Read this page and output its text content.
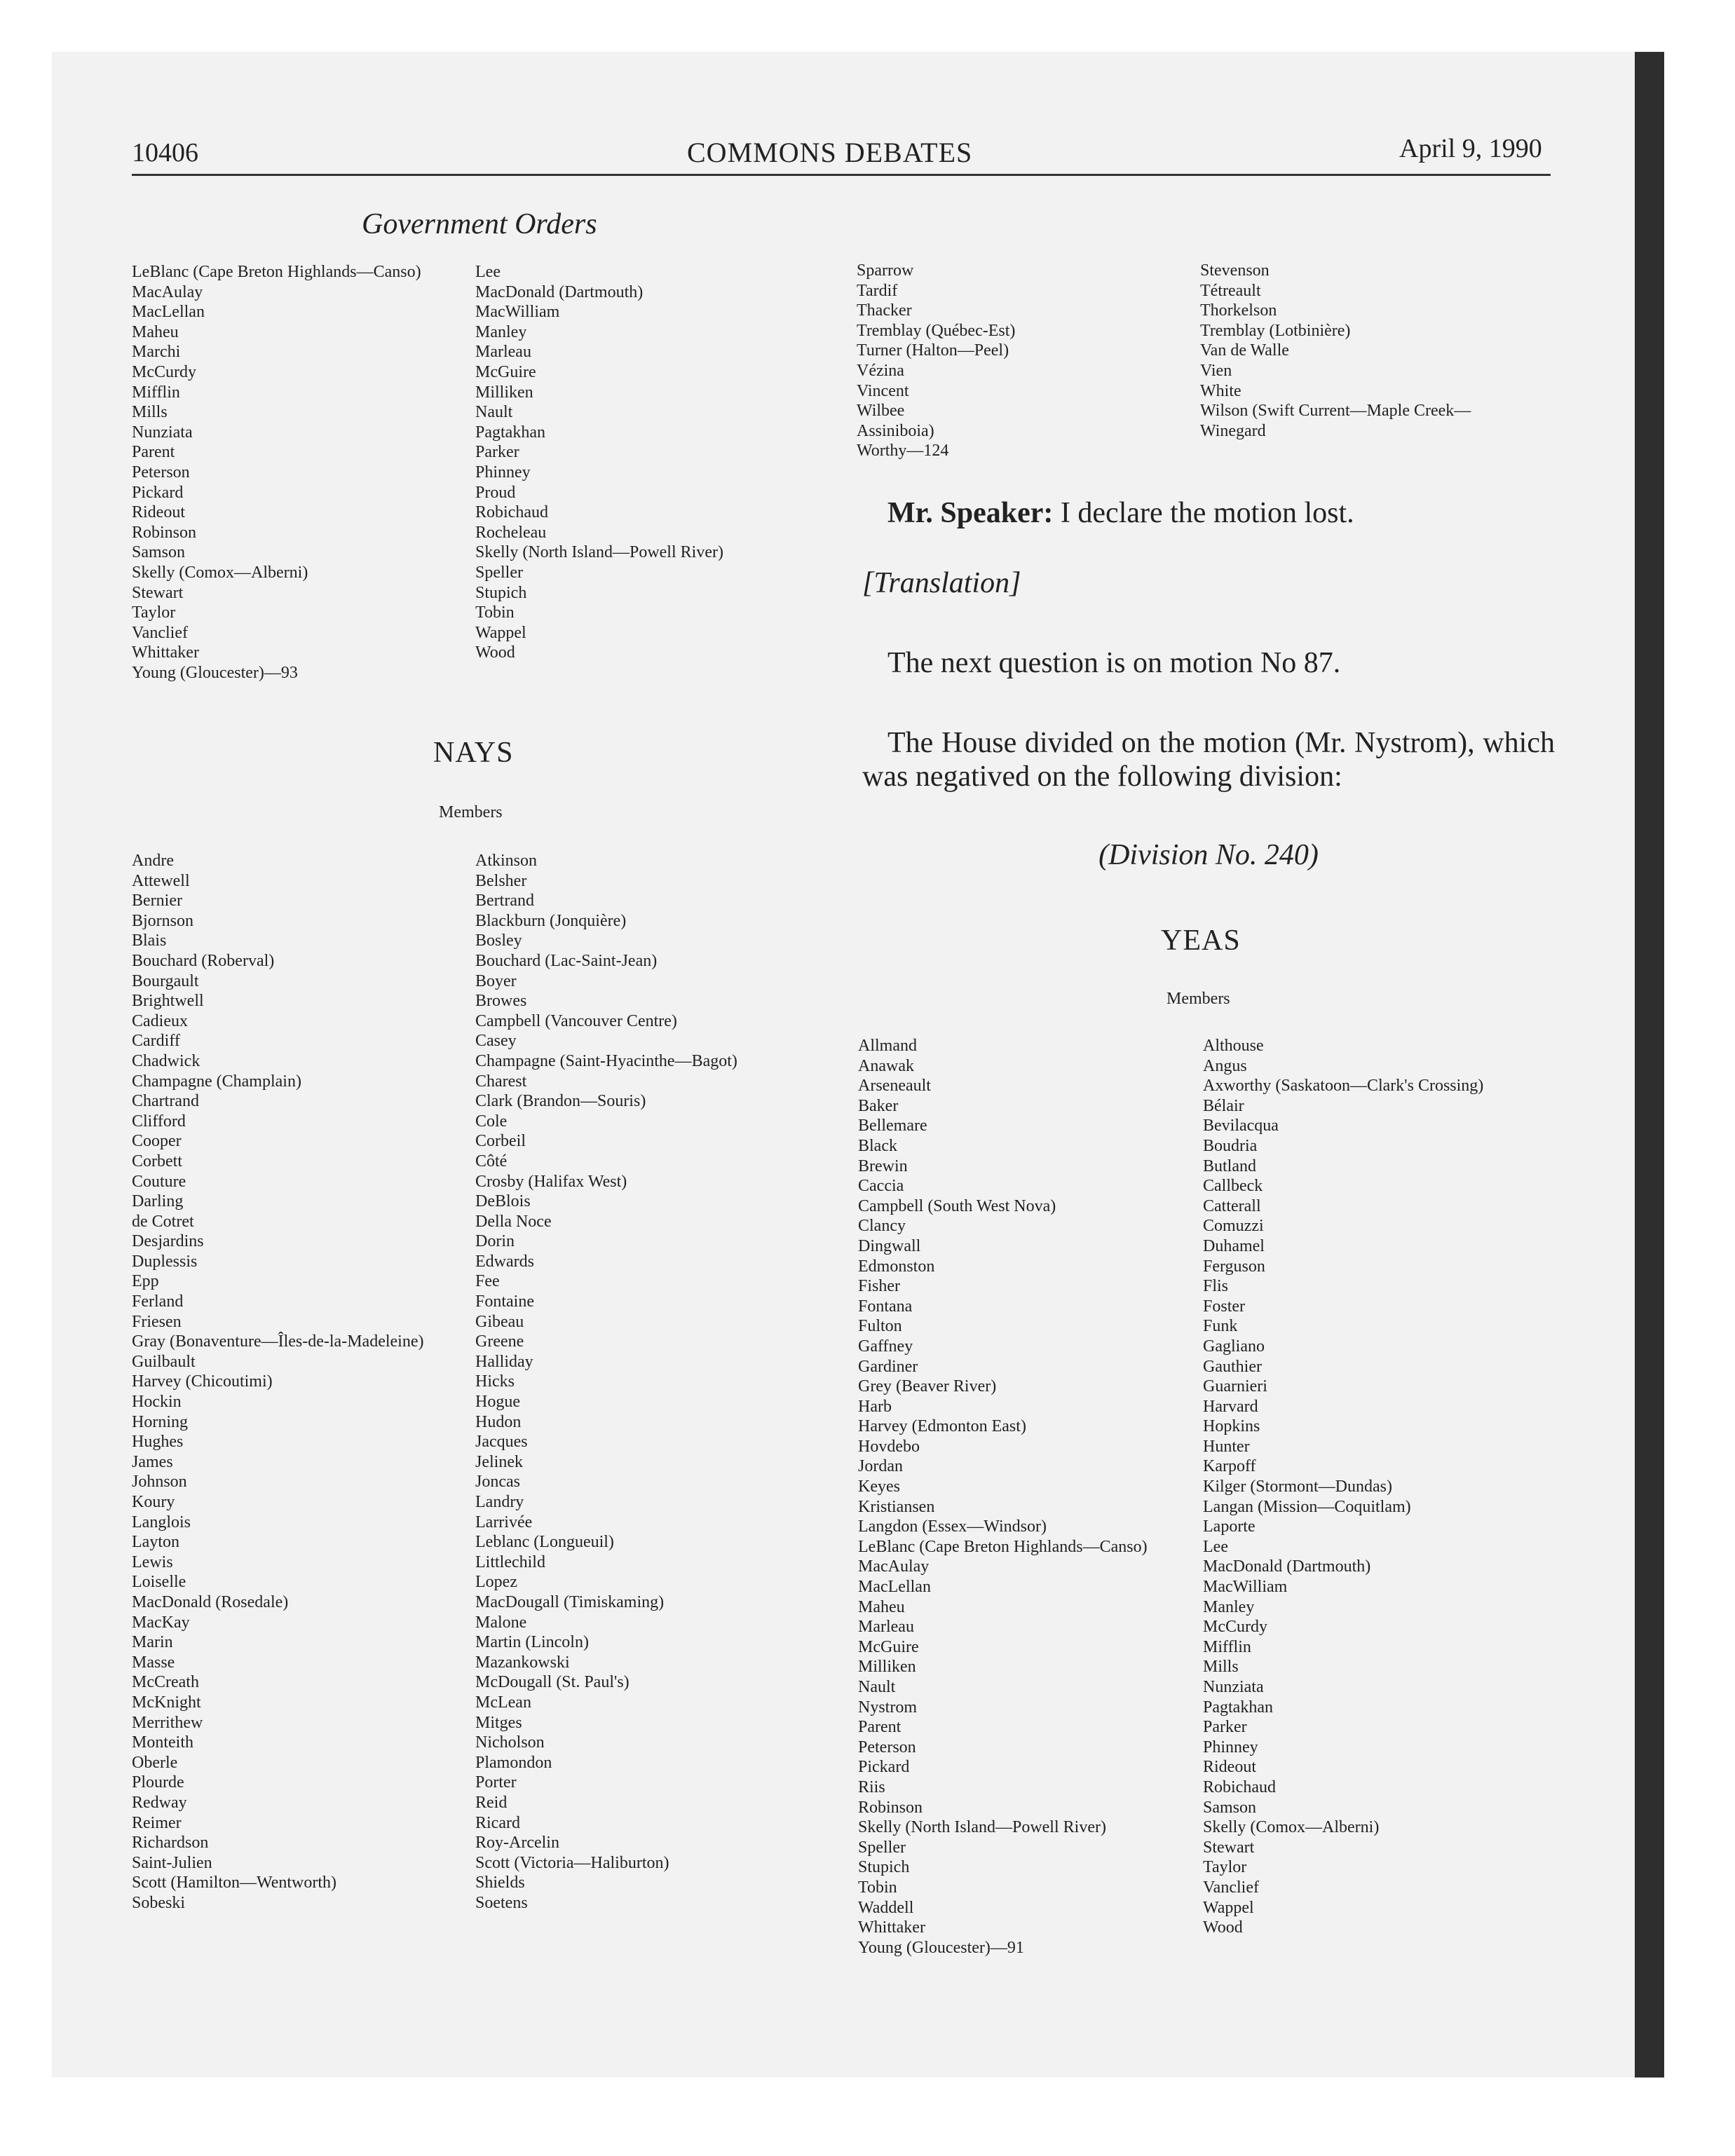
10406	COMMONS DEBATES	April 9, 1990
Government Orders
LeBlanc (Cape Breton Highlands—Canso)
MacAulay
MacLellan
Maheu
Marchi
McCurdy
Mifflin
Mills
Nunziata
Parent
Peterson
Pickard
Rideout
Robinson
Samson
Skelly (Comox—Alberni)
Stewart
Taylor
Vanclief
Whittaker
Young (Gloucester)—93
Lee
MacDonald (Dartmouth)
MacWilliam
Manley
Marleau
McGuire
Milliken
Nault
Pagtakhan
Parker
Phinney
Proud
Robichaud
Rocheleau
Skelly (North Island—Powell River)
Speller
Stupich
Tobin
Wappel
Wood
NAYS
Members
Andre
Attewell
Bernier
Bjornson
Blais
Bouchard (Roberval)
Bourgault
Brightwell
Cadieux
Cardiff
Chadwick
Champagne (Champlain)
Chartrand
Clifford
Cooper
Corbett
Couture
Darling
de Cotret
Desjardins
Duplessis
Epp
Ferland
Friesen
Gray (Bonaventure—Îles-de-la-Madeleine)
Guilbault
Harvey (Chicoutimi)
Hockin
Horning
Hughes
James
Johnson
Koury
Langlois
Layton
Lewis
Loiselle
MacDonald (Rosedale)
MacKay
Marin
Masse
McCreath
McKnight
Merrithew
Monteith
Oberle
Plourde
Redway
Reimer
Richardson
Saint-Julien
Scott (Hamilton—Wentworth)
Sobeski
Atkinson
Belsher
Bertrand
Blackburn (Jonquière)
Bosley
Bouchard (Lac-Saint-Jean)
Boyer
Browes
Campbell (Vancouver Centre)
Casey
Champagne (Saint-Hyacinthe—Bagot)
Charest
Clark (Brandon—Souris)
Cole
Corbeil
Côté
Crosby (Halifax West)
DeBlois
Della Noce
Dorin
Edwards
Fee
Fontaine
Gibeau
Greene
Halliday
Hicks
Hogue
Hudon
Jacques
Jelinek
Joncas
Landry
Larrivée
Leblanc (Longueuil)
Littlechild
Lopez
MacDougall (Timiskaming)
Malone
Martin (Lincoln)
Mazankowski
McDougall (St. Paul's)
McLean
Mitges
Nicholson
Plamondon
Porter
Reid
Ricard
Roy-Arcelin
Scott (Victoria—Haliburton)
Shields
Soetens
Sparrow
Tardif
Thacker
Tremblay (Québec-Est)
Turner (Halton—Peel)
Vézina
Vincent
Wilbee
Assiniboia)
Worthy—124
Stevenson
Tétreault
Thorkelson
Tremblay (Lotbinière)
Van de Walle
Vien
White
Wilson (Swift Current—Maple Creek—
Winegard
Mr. Speaker: I declare the motion lost.
[Translation]
The next question is on motion No 87.
The House divided on the motion (Mr. Nystrom), which was negatived on the following division:
(Division No. 240)
YEAS
Members
Allmand
Anawak
Arseneault
Baker
Bellemare
Black
Brewin
Caccia
Campbell (South West Nova)
Clancy
Dingwall
Edmonston
Fisher
Fontana
Fulton
Gaffney
Gardiner
Grey (Beaver River)
Harb
Harvey (Edmonton East)
Hovdebo
Jordan
Keyes
Kristiansen
Langdon (Essex—Windsor)
LeBlanc (Cape Breton Highlands—Canso)
MacAulay
MacLellan
Maheu
Marleau
McGuire
Milliken
Nault
Nystrom
Parent
Peterson
Pickard
Riis
Robinson
Skelly (North Island—Powell River)
Speller
Stupich
Tobin
Waddell
Whittaker
Young (Gloucester)—91
Althouse
Angus
Axworthy (Saskatoon—Clark's Crossing)
Bélair
Bevilacqua
Boudria
Butland
Callbeck
Catterall
Comuzzi
Duhamel
Ferguson
Flis
Foster
Funk
Gagliano
Gauthier
Guarnieri
Harvard
Hopkins
Hunter
Karpoff
Kilger (Stormont—Dundas)
Langan (Mission—Coquitlam)
Laporte
Lee
MacDonald (Dartmouth)
MacWilliam
Manley
McCurdy
Mifflin
Mills
Nunziata
Pagtakhan
Parker
Phinney
Rideout
Robichaud
Samson
Skelly (Comox—Alberni)
Stewart
Taylor
Vanclief
Wappel
Wood
